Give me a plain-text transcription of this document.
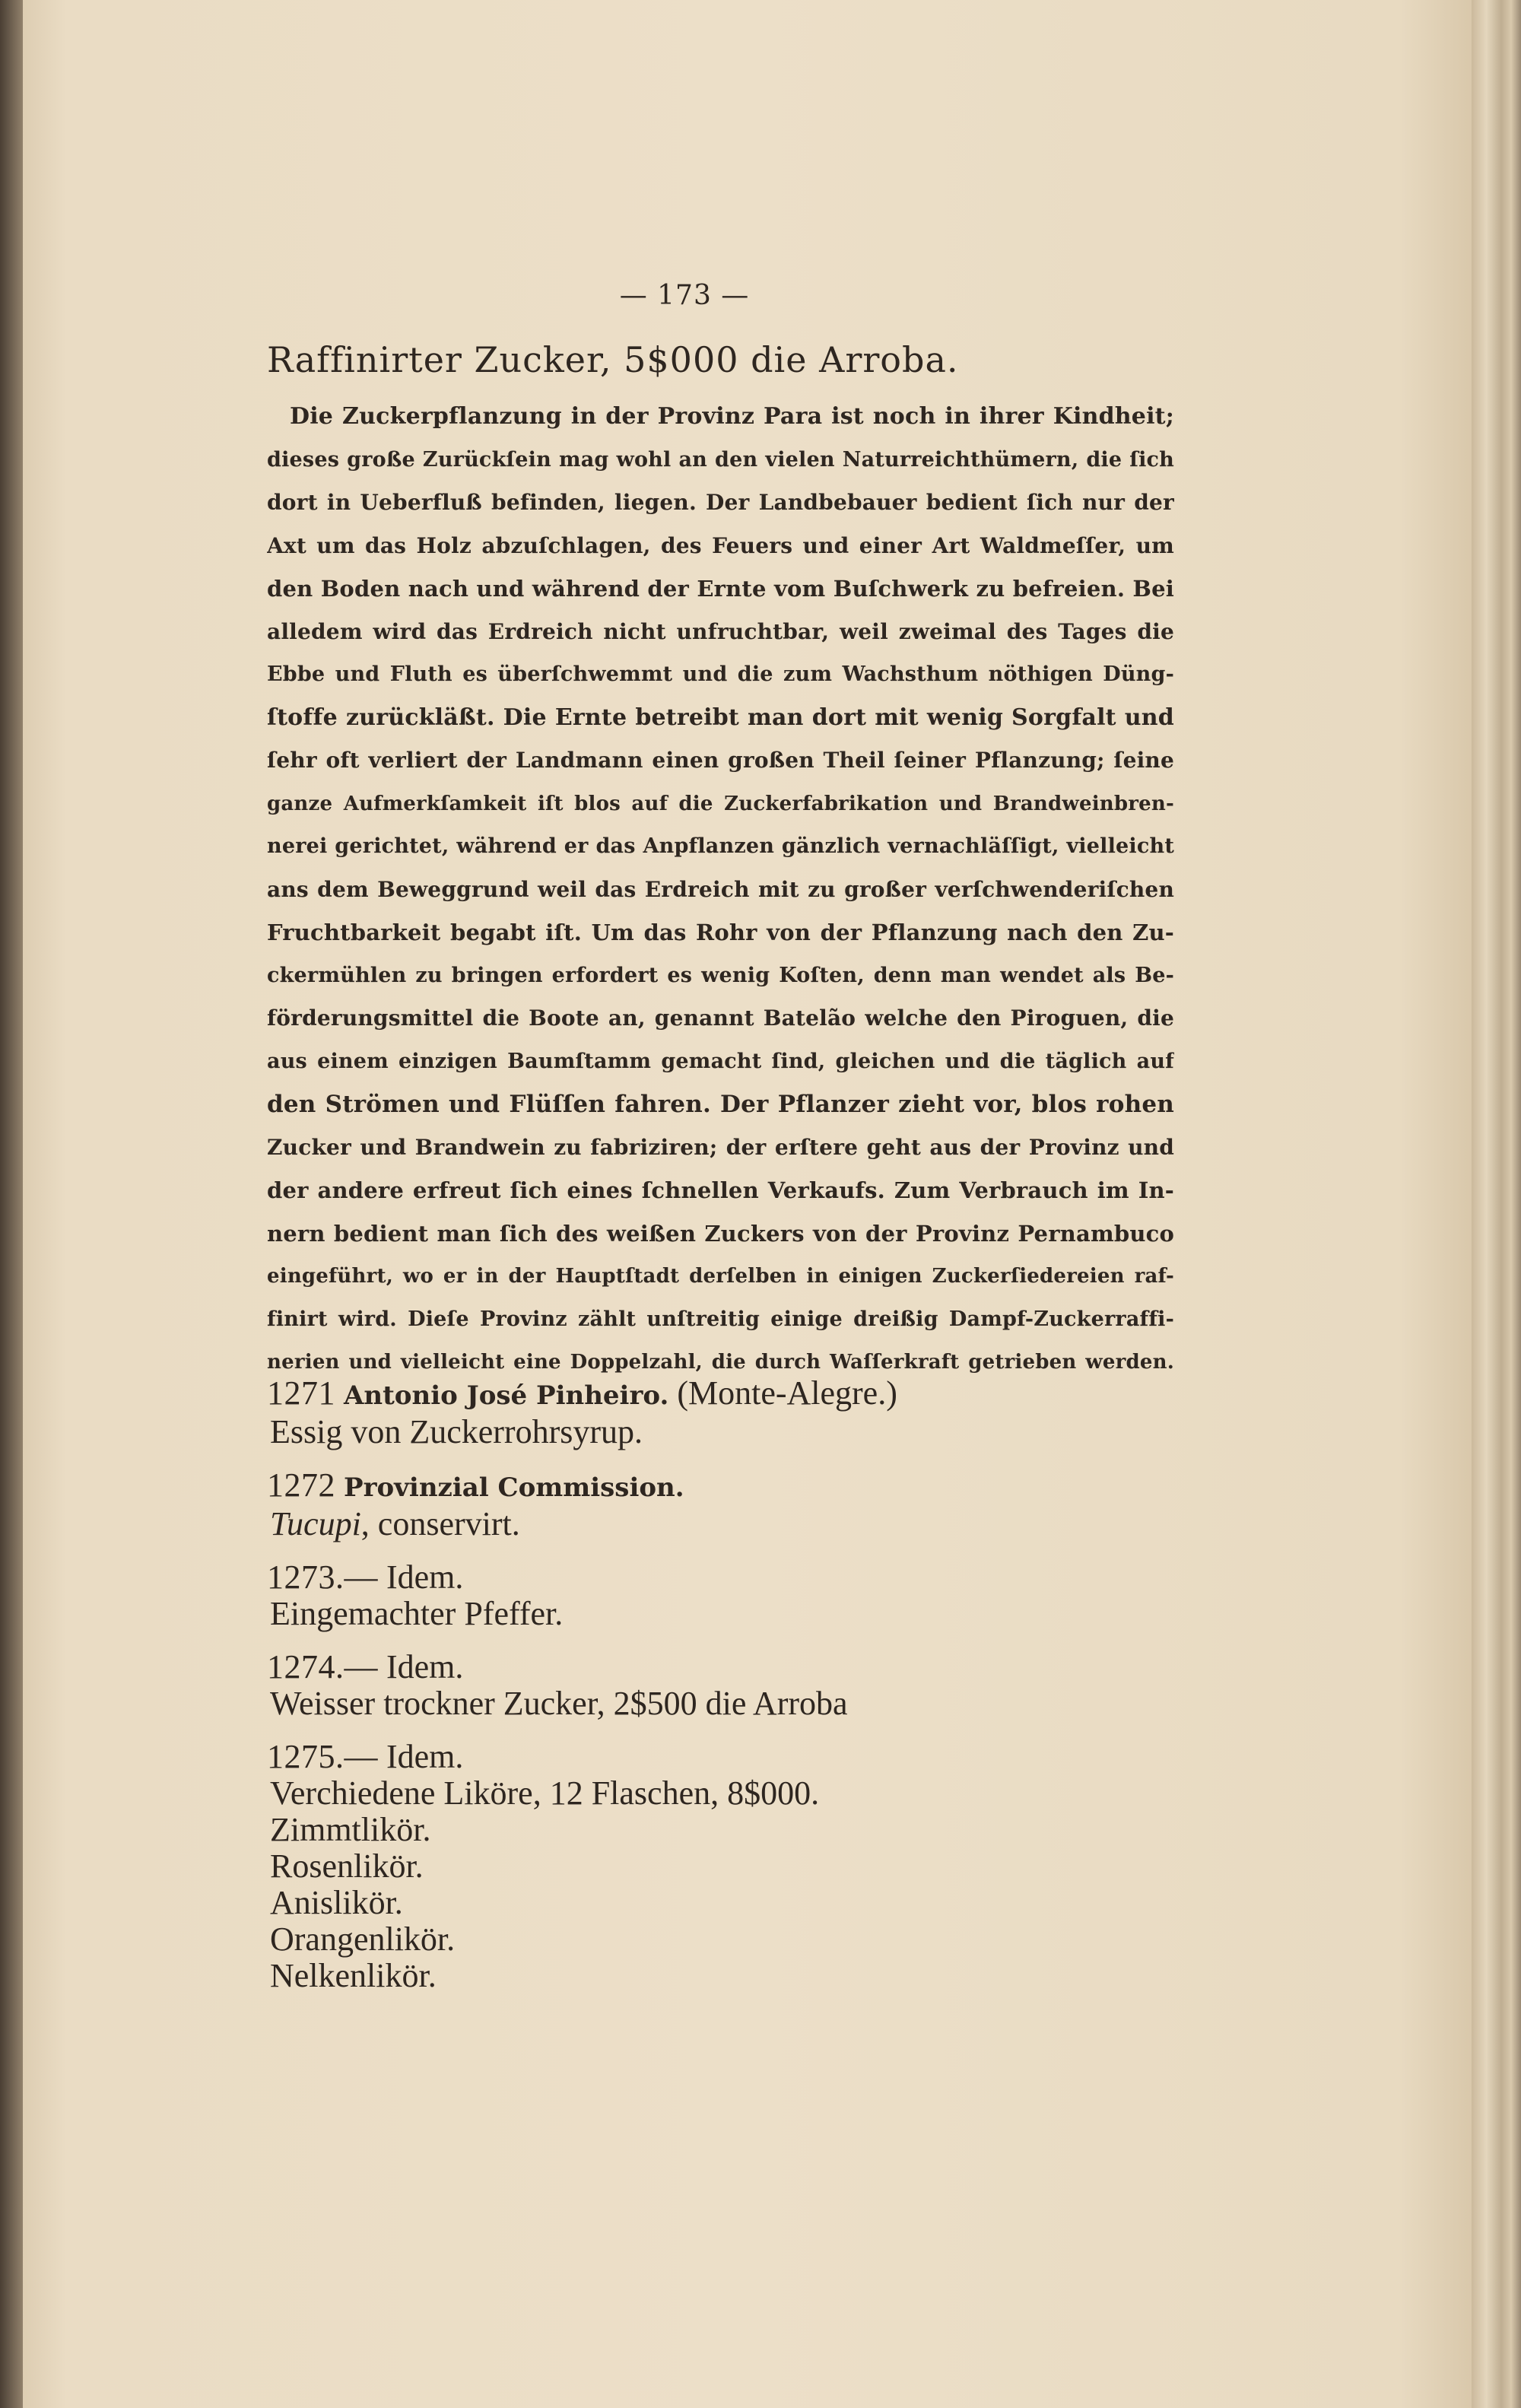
— 173 —
Raffinirter Zucker, 5$000 die Arroba.
Die Zuckerpflanzung in der Provinz Para ist noch in ihrer Kindheit;
dieses große Zurückſein mag wohl an den vielen Naturreichthümern, die ſich
dort in Ueberfluß befinden, liegen. Der Landbebauer bedient ſich nur der
Axt um das Holz abzuſchlagen, des Feuers und einer Art Waldmeſſer, um
den Boden nach und während der Ernte vom Buſchwerk zu befreien. Bei
alledem wird das Erdreich nicht unfruchtbar, weil zweimal des Tages die
Ebbe und Fluth es überſchwemmt und die zum Wachsthum nöthigen Düng-
ſtoffe zurückläßt. Die Ernte betreibt man dort mit wenig Sorgfalt und
ſehr oft verliert der Landmann einen großen Theil ſeiner Pflanzung; ſeine
ganze Aufmerkſamkeit iſt blos auf die Zuckerfabrikation und Brandweinbren-
nerei gerichtet, während er das Anpflanzen gänzlich vernachläſſigt, vielleicht
ans dem Beweggrund weil das Erdreich mit zu großer verſchwenderiſchen
Fruchtbarkeit begabt iſt. Um das Rohr von der Pflanzung nach den Zu-
ckermühlen zu bringen erfordert es wenig Koſten, denn man wendet als Be-
förderungsmittel die Boote an, genannt Batelão welche den Piroguen, die
aus einem einzigen Baumſtamm gemacht ſind, gleichen und die täglich auf
den Strömen und Flüſſen fahren. Der Pflanzer zieht vor, blos rohen
Zucker und Brandwein zu fabriziren; der erſtere geht aus der Provinz und
der andere erfreut ſich eines ſchnellen Verkaufs. Zum Verbrauch im In-
nern bedient man ſich des weißen Zuckers von der Provinz Pernambuco
eingeführt, wo er in der Hauptſtadt derſelben in einigen Zuckerſiedereien raf-
finirt wird. Dieſe Provinz zählt unſtreitig einige dreißig Dampf-Zuckerraffi-
nerien und vielleicht eine Doppelzahl, die durch Waſſerkraft getrieben werden.
1271 Antonio José Pinheiro. (Monte-Alegre.)
Essig von Zuckerrohrsyrup.
1272 Provinzial Commission.
Tucupi, conservirt.
1273.— Idem.
Eingemachter Pfeffer.
1274.— Idem.
Weisser trockner Zucker, 2$500 die Arroba
1275.— Idem.
Verchiedene Liköre, 12 Flaschen, 8$000.
Zimmtlikör.
Rosenlikör.
Anislikör.
Orangenlikör.
Nelkenlikör.
